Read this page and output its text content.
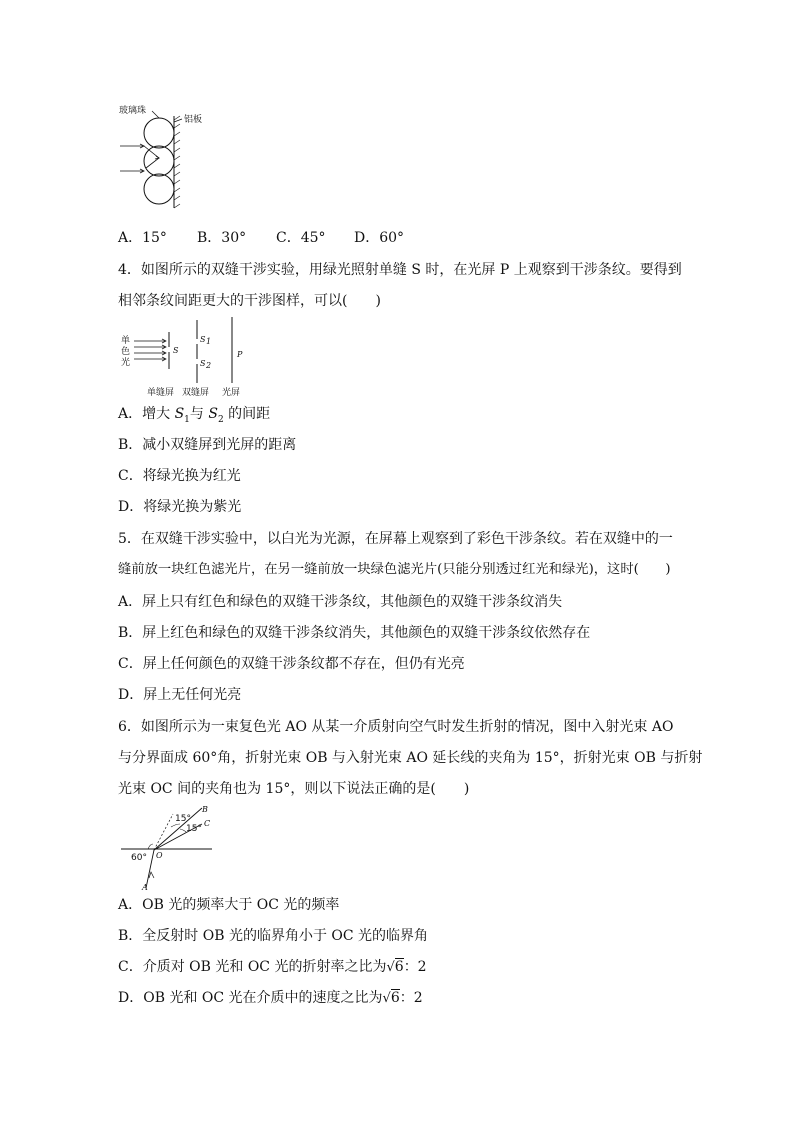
玻璃珠
铝板
A．15° B．30° C．45° D．60°
4．如图所示的双缝干涉实验，用绿光照射单缝 S 时，在光屏 P 上观察到干涉条纹。要得到
相邻条纹间距更大的干涉图样，可以(　　)
单
色
光
S
S 1
S 2
P
单缝屏 双缝屏 光屏
A．增大 $S_1$与 $S_2$ 的间距
B．减小双缝屏到光屏的距离
C．将绿光换为红光
D．将绿光换为紫光
5．在双缝干涉实验中，以白光为光源，在屏幕上观察到了彩色干涉条纹。若在双缝中的一
缝前放一块红色滤光片，在另一缝前放一块绿色滤光片(只能分别透过红光和绿光)，这时(　　)
A．屏上只有红色和绿色的双缝干涉条纹，其他颜色的双缝干涉条纹消失
B．屏上红色和绿色的双缝干涉条纹消失，其他颜色的双缝干涉条纹依然存在
C．屏上任何颜色的双缝干涉条纹都不存在，但仍有光亮
D．屏上无任何光亮
6．如图所示为一束复色光 AO 从某一介质射向空气时发生折射的情况，图中入射光束 AO
与分界面成 60°角，折射光束 OB 与入射光束 AO 延长线的夹角为 15°，折射光束 OB 与折射
光束 OC 间的夹角也为 15°，则以下说法正确的是(　　)
B
C
O
A
15°
15°
60°
A．OB 光的频率大于 OC 光的频率
B．全反射时 OB 光的临界角小于 OC 光的临界角
C．介质对 OB 光和 OC 光的折射率之比为√6：2
D．OB 光和 OC 光在介质中的速度之比为√6：2
